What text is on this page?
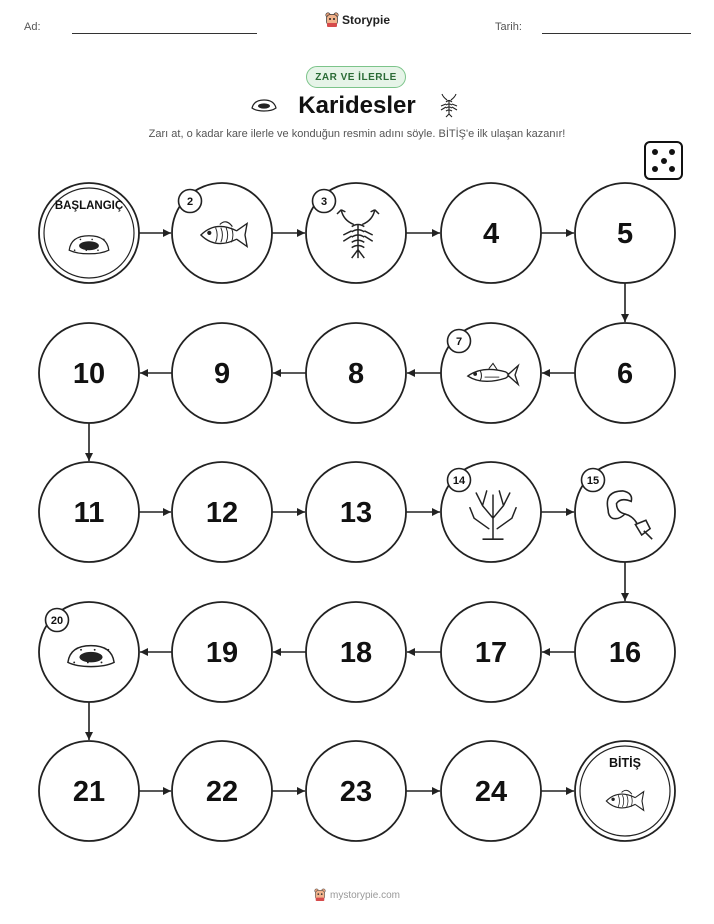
Ad:	Tarih:
Storypie
ZAR VE İLERLE
Karidesler
Zarı at, o kadar kare ilerle ve konduğun resmin adını söyle. BİTİŞ'e ilk ulaşan kazanır!
BAŞLANGIÇ	2	3
4	5
6
7
8
9
10
11	12	13
14	15
16
17
18
19
20
21	22	23	24
BİTİŞ
mystorypie.com
